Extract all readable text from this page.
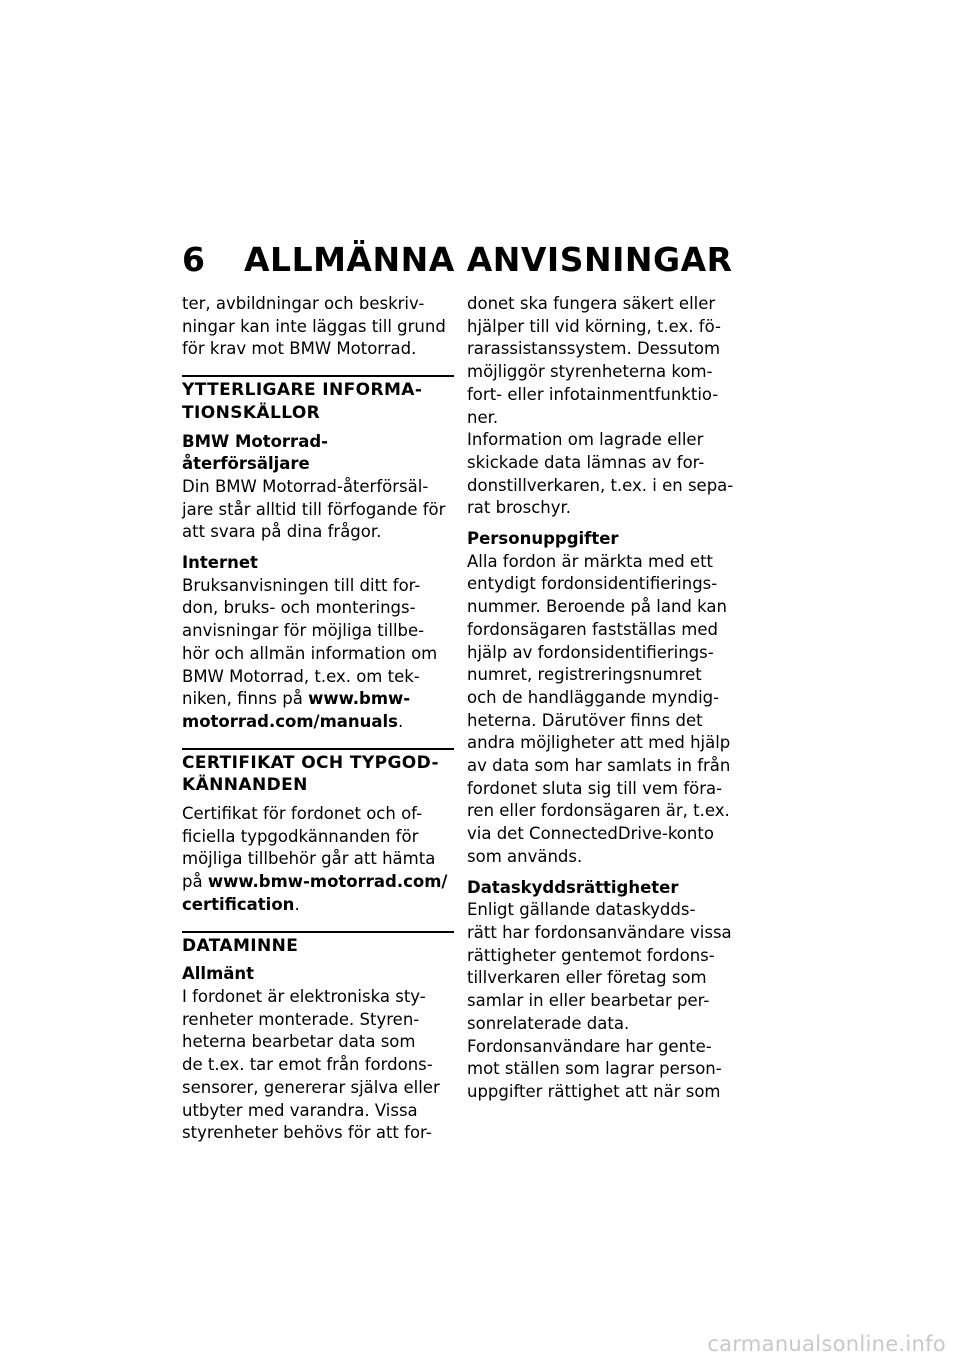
6 ALLMÄNNA ANVISNINGAR

ter, avbildningar och beskriv-
ningar kan inte läggas till grund
för krav mot BMW Motorrad.

YTTERLIGARE INFORMA-
TIONSKÄLLOR

BMW Motorrad-återförsäljare

Din BMW Motorrad-återförsäl-
jare står alltid till förfogande för
att svara på dina frågor.

Internet

Bruksanvisningen till ditt for-
don, bruks- och monterings-
anvisningar för möjliga tillbe-
hör och allmän information om
BMW Motorrad, t.ex. om tek-
niken, finns på www.bmw-
motorrad.com/manuals.

CERTIFIKAT OCH TYPGOD-
KÄNNANDEN

Certifikat för fordonet och of-
ficiella typgodkännanden för
möjliga tillbehör går att hämta
på www.bmw-motorrad.com/
certification.

DATAMINNE

Allmänt

I fordonet är elektroniska sty-
renheter monterade. Styren-
heterna bearbetar data som
de t.ex. tar emot från fordons-
sensorer, genererar själva eller
utbyter med varandra. Vissa
styrenheter behövs för att for-

donet ska fungera säkert eller
hjälper till vid körning, t.ex. fö-
rarassistanssystem. Dessutom
möjliggör styrenheterna kom-
fort- eller infotainmentfunktio-
ner.

Information om lagrade eller
skickade data lämnas av for-
donstillverkaren, t.ex. i en sepa-
rat broschyr.

Personuppgifter

Alla fordon är märkta med ett
entydigt fordonsidentifierings-
nummer. Beroende på land kan
fordonsägaren fastställas med
hjälp av fordonsidentifierings-
numret, registreringsnumret
och de handläggande myndig-
heterna. Därutöver finns det
andra möjligheter att med hjälp
av data som har samlats in från
fordonet sluta sig till vem föra-
ren eller fordonsägaren är, t.ex.
via det ConnectedDrive-konto
som används.

Dataskyddsrättigheter

Enligt gällande dataskydds-
rätt har fordonsanvändare vissa
rättigheter gentemot fordons-
tillverkaren eller företag som
samlar in eller bearbetar per-
sonrelaterade data.

Fordonsanvändare har gente-
mot ställen som lagrar person-
uppgifter rättighet att när som

carmanualsonline.info
